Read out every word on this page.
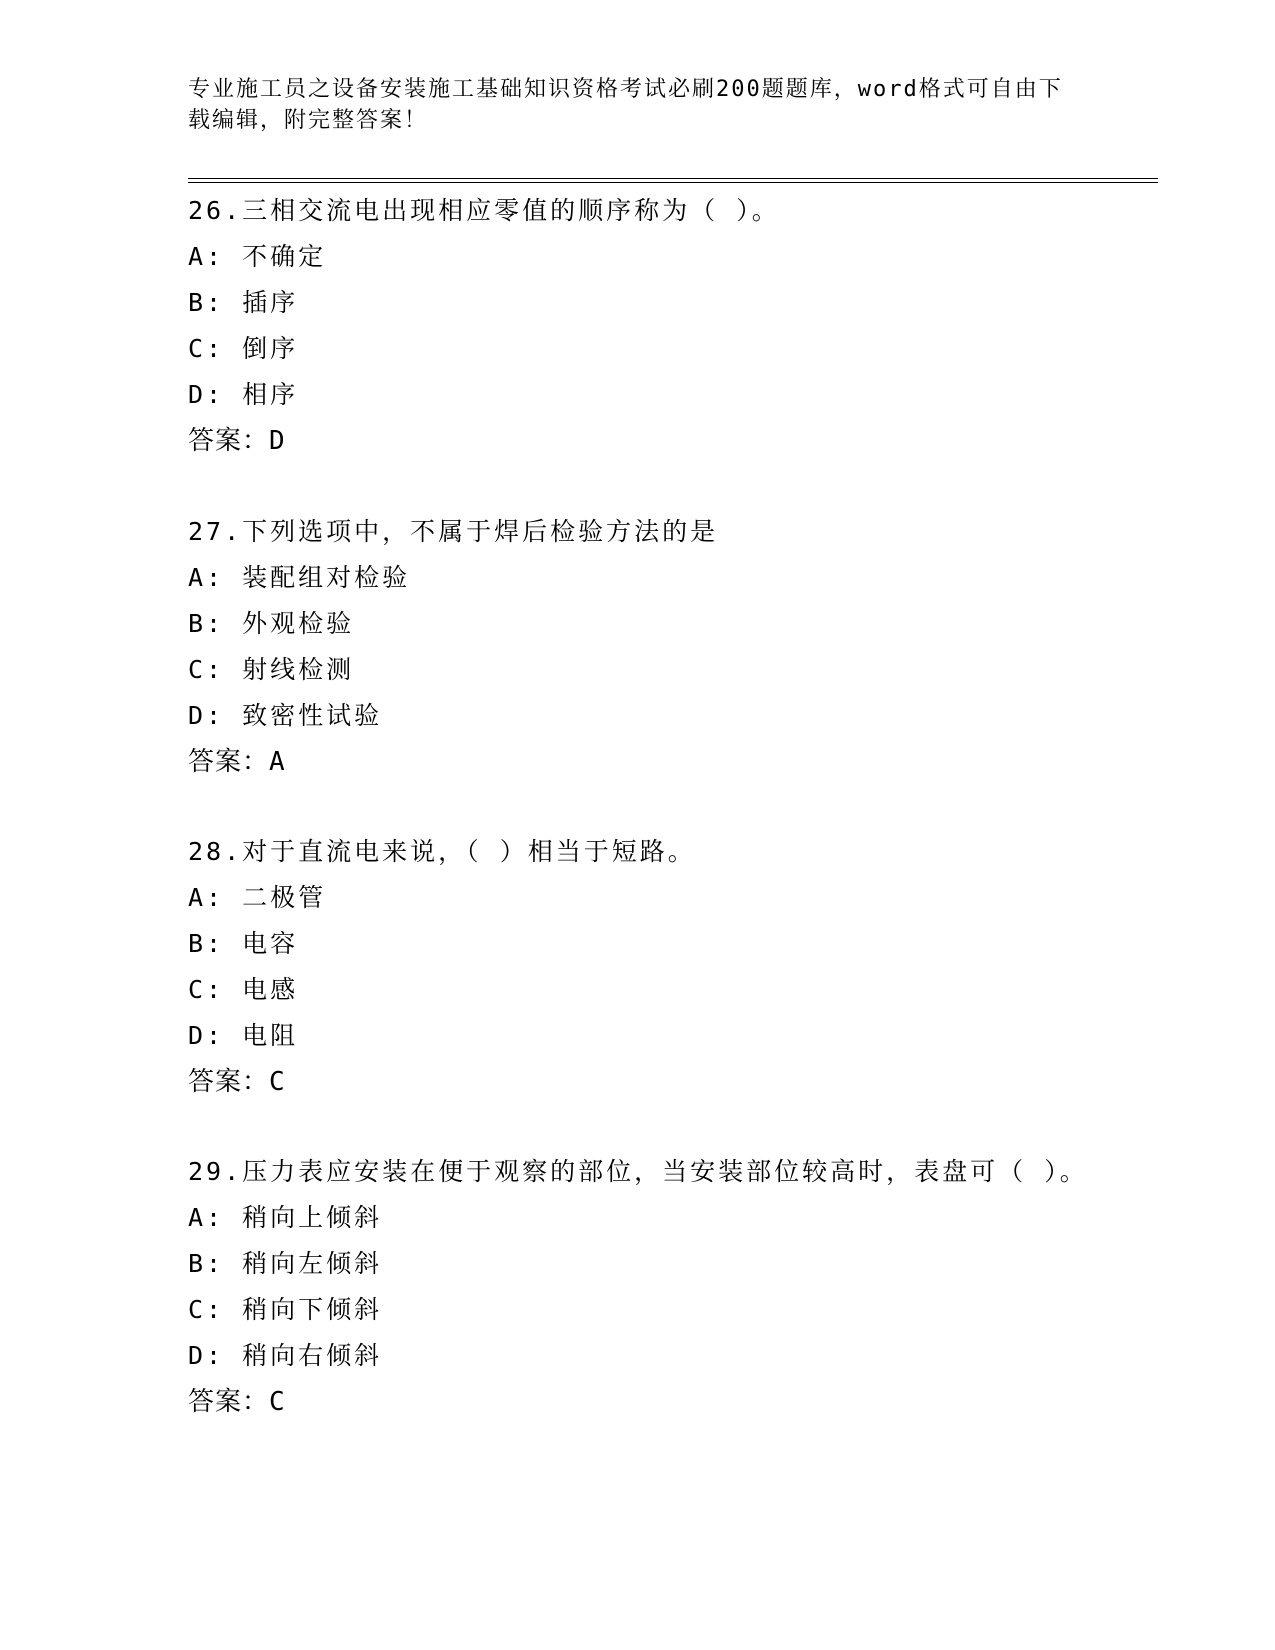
专业施工员之设备安装施工基础知识资格考试必刷200题题库，word格式可自由下载编辑，附完整答案！
26.三相交流电出现相应零值的顺序称为（ ）。
A: 不确定
B: 插序
C: 倒序
D: 相序
答案：D
27.下列选项中，不属于焊后检验方法的是
A: 装配组对检验
B: 外观检验
C: 射线检测
D: 致密性试验
答案：A
28.对于直流电来说，（ ）相当于短路。
A: 二极管
B: 电容
C: 电感
D: 电阻
答案：C
29.压力表应安装在便于观察的部位，当安装部位较高时，表盘可（ ）。
A: 稍向上倾斜
B: 稍向左倾斜
C: 稍向下倾斜
D: 稍向右倾斜
答案：C
